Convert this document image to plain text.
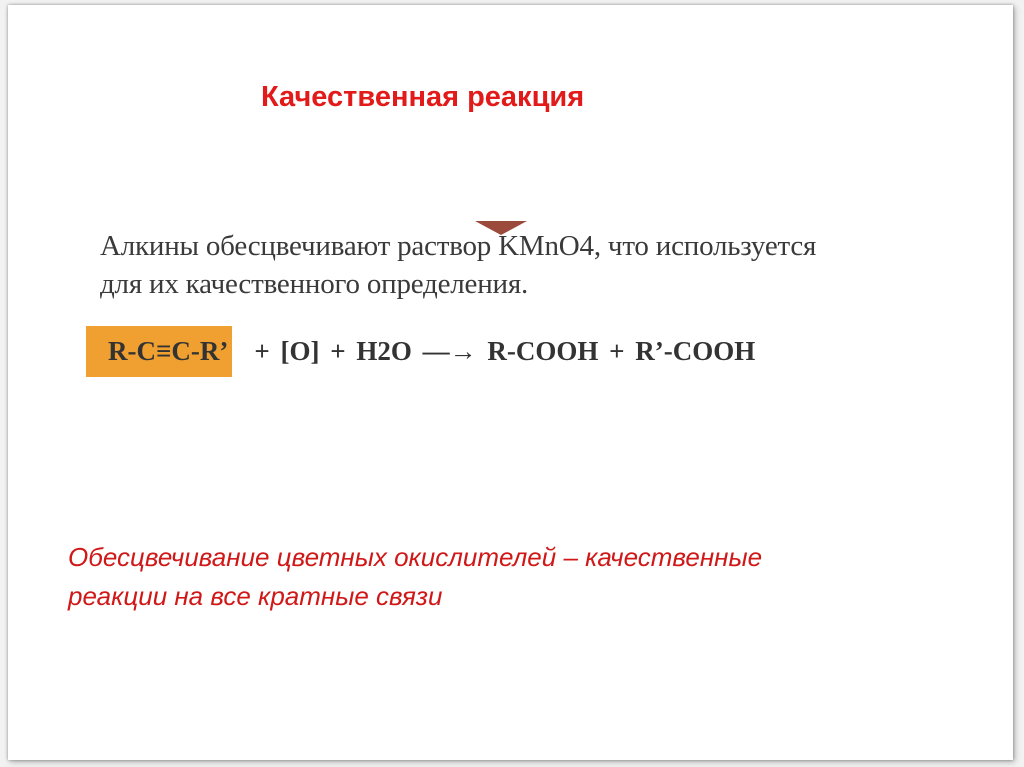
Качественная реакция
Алкины обесцвечивают раствор KMnO4, что используется
для их качественного определения.
R-C≡C-R’ + [O] + H2O —→ R-COOH + R’-COOH
Обесцвечивание цветных окислителей – качественные
реакции на все кратные связи
